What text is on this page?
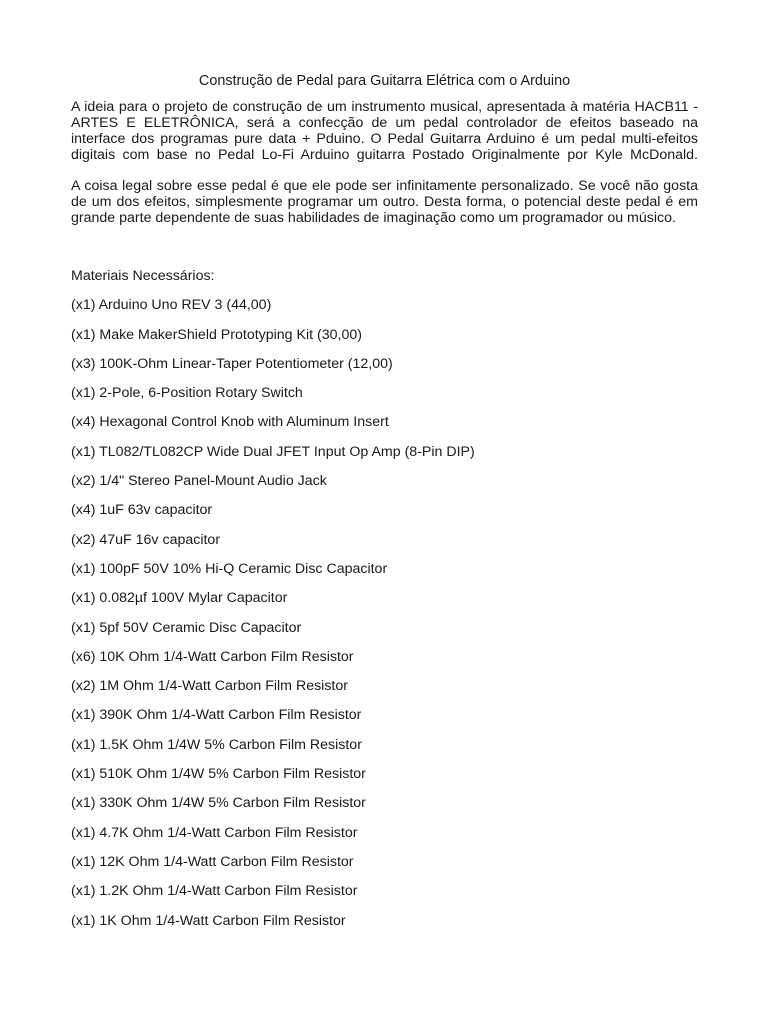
Construção de Pedal para Guitarra Elétrica com o Arduino

A ideia para o projeto de construção de um instrumento musical, apresentada à matéria HACB11 - ARTES E ELETRÔNICA, será a confecção de um pedal controlador de efeitos baseado na interface dos programas pure data + Pduino. O Pedal Guitarra Arduino é um pedal multi-efeitos digitais com base no Pedal Lo-Fi Arduino guitarra Postado Originalmente por Kyle McDonald.

A coisa legal sobre esse pedal é que ele pode ser infinitamente personalizado. Se você não gosta de um dos efeitos, simplesmente programar um outro. Desta forma, o potencial deste pedal é em grande parte dependente de suas habilidades de imaginação como um programador ou músico.

Materiais Necessários:
(x1) Arduino Uno REV 3 (44,00)
(x1) Make MakerShield Prototyping Kit (30,00)
(x3) 100K-Ohm Linear-Taper Potentiometer (12,00)
(x1) 2-Pole, 6-Position Rotary Switch
(x4) Hexagonal Control Knob with Aluminum Insert
(x1) TL082/TL082CP Wide Dual JFET Input Op Amp (8-Pin DIP)
(x2) 1/4" Stereo Panel-Mount Audio Jack
(x4) 1uF 63v capacitor
(x2) 47uF 16v capacitor
(x1) 100pF 50V 10% Hi-Q Ceramic Disc Capacitor
(x1) 0.082µf 100V Mylar Capacitor
(x1) 5pf 50V Ceramic Disc Capacitor
(x6) 10K Ohm 1/4-Watt Carbon Film Resistor
(x2) 1M Ohm 1/4-Watt Carbon Film Resistor
(x1) 390K Ohm 1/4-Watt Carbon Film Resistor
(x1) 1.5K Ohm 1/4W 5% Carbon Film Resistor
(x1) 510K Ohm 1/4W 5% Carbon Film Resistor
(x1) 330K Ohm 1/4W 5% Carbon Film Resistor
(x1) 4.7K Ohm 1/4-Watt Carbon Film Resistor
(x1) 12K Ohm 1/4-Watt Carbon Film Resistor
(x1) 1.2K Ohm 1/4-Watt Carbon Film Resistor
(x1) 1K Ohm 1/4-Watt Carbon Film Resistor
